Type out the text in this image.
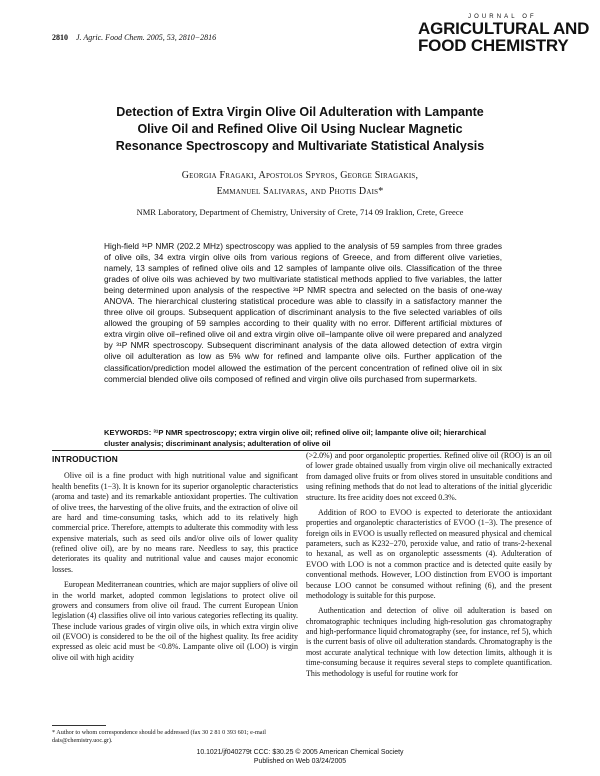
2810 J. Agric. Food Chem. 2005, 53, 2810−2816
JOURNAL OF
AGRICULTURAL AND
FOOD CHEMISTRY
Detection of Extra Virgin Olive Oil Adulteration with Lampante
Olive Oil and Refined Olive Oil Using Nuclear Magnetic
Resonance Spectroscopy and Multivariate Statistical Analysis
Georgia Fragaki, Apostolos Spyros, George Siragakis,
Emmanuel Salivaras, and Photis Dais*
NMR Laboratory, Department of Chemistry, University of Crete, 714 09 Iraklion, Crete, Greece
High-field ³¹P NMR (202.2 MHz) spectroscopy was applied to the analysis of 59 samples from three grades of olive oils, 34 extra virgin olive oils from various regions of Greece, and from different olive varieties, namely, 13 samples of refined olive oils and 12 samples of lampante olive oils. Classification of the three grades of olive oils was achieved by two multivariate statistical methods applied to five variables, the latter being determined upon analysis of the respective ³¹P NMR spectra and selected on the basis of one-way ANOVA. The hierarchical clustering statistical procedure was able to classify in a satisfactory manner the three olive oil groups. Subsequent application of discriminant analysis to the five selected variables of oils allowed the grouping of 59 samples according to their quality with no error. Different artificial mixtures of extra virgin olive oil−refined olive oil and extra virgin olive oil−lampante olive oil were prepared and analyzed by ³¹P NMR spectroscopy. Subsequent discriminant analysis of the data allowed detection of extra virgin olive oil adulteration as low as 5% w/w for refined and lampante olive oils. Further application of the classification/prediction model allowed the estimation of the percent concentration of refined olive oil in six commercial blended olive oils composed of refined and virgin olive oils purchased from supermarkets.
KEYWORDS: ³¹P NMR spectroscopy; extra virgin olive oil; refined olive oil; lampante olive oil; hierarchical cluster analysis; discriminant analysis; adulteration of olive oil
INTRODUCTION

Olive oil is a fine product with high nutritional value and significant health benefits (1−3). It is known for its superior organoleptic characteristics (aroma and taste) and its remarkable antioxidant properties. The cultivation of olive trees, the harvesting of the olive fruits, and the extraction of olive oil are hard and time-consuming tasks, which add to its relatively high commercial price. Therefore, attempts to adulterate this commodity with less expensive materials, such as seed oils and/or olive oils of lower quality (refined olive oil), are by no means rare. Needless to say, this practice deteriorates its quality and nutritional value and causes major economic losses.

European Mediterranean countries, which are major suppliers of olive oil in the world market, adopted common legislations to protect olive oil growers and consumers from olive oil fraud. The current European Union legislation (4) classifies olive oil into various categories reflecting its quality. These include various grades of virgin olive oils, in which extra virgin olive oil (EVOO) is considered to be the oil of the highest quality. Its free acidity expressed as oleic acid must be <0.8%. Lampante olive oil (LOO) is virgin olive oil with high acidity

(>2.0%) and poor organoleptic properties. Refined olive oil (ROO) is an oil of lower grade obtained usually from virgin olive oil mechanically extracted from damaged olive fruits or from olives stored in unsuitable conditions and using refining methods that do not lead to alterations of the initial glyceridic structure. Its free acidity does not exceed 0.3%.

Addition of ROO to EVOO is expected to deteriorate the antioxidant properties and organoleptic characteristics of EVOO (1−3). The presence of foreign oils in EVOO is usually reflected on measured physical and chemical parameters, such as K232−270, peroxide value, and ratio of trans-2-hexenal to hexanal, as well as on organoleptic assessments (4). Adulteration of EVOO with LOO is not a common practice and is detected quite easily by conventional methods. However, LOO distinction from EVOO is important because LOO cannot be consumed without refining (6), and the present methodology is suitable for this purpose.

Authentication and detection of olive oil adulteration is based on chromatographic techniques including high-resolution gas chromatography and high-performance liquid chromatography (see, for instance, ref 5), which is the current basis of olive oil adulteration standards. Chromatography is the most accurate analytical technique with low detection limits, although it is time-consuming because it requires several steps to complete quantification. This methodology is useful for routine work for

* Author to whom correspondence should be addressed (fax 30 2 81 0 393 601; e-mail dais@chemistry.uoc.gr).
10.1021/jf040279t CCC: $30.25 © 2005 American Chemical Society
Published on Web 03/24/2005
